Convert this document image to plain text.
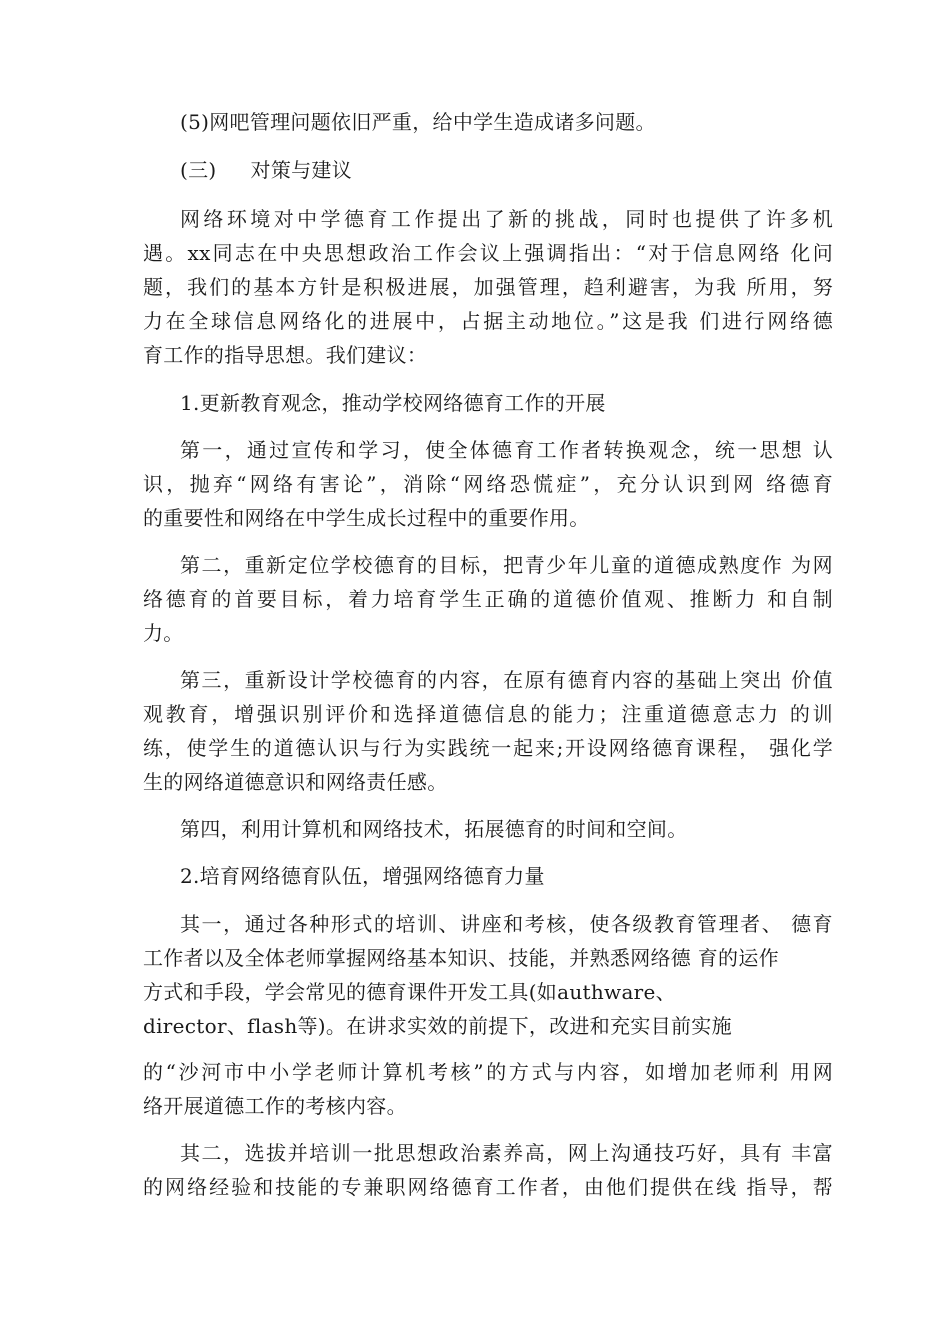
(5)网吧管理问题依旧严重，给中学生造成诸多问题。
(三) 对策与建议
网络环境对中学德育工作提出了新的挑战，同时也提供了许多机
遇。xx同志在中央思想政治工作会议上强调指出：“对于信息网络 化问
题，我们的基本方针是积极进展，加强管理，趋利避害，为我 所用，努
力在全球信息网络化的进展中，占据主动地位。”这是我 们进行网络德
育工作的指导思想。我们建议：
1.更新教育观念，推动学校网络德育工作的开展
第一，通过宣传和学习，使全体德育工作者转换观念，统一思想 认
识，抛弃“网络有害论”，消除“网络恐慌症”，充分认识到网 络德育
的重要性和网络在中学生成长过程中的重要作用。
第二，重新定位学校德育的目标，把青少年儿童的道德成熟度作 为网
络德育的首要目标，着力培育学生正确的道德价值观、推断力 和自制
力。
第三，重新设计学校德育的内容，在原有德育内容的基础上突出 价值
观教育，增强识别评价和选择道德信息的能力；注重道德意志力 的训
练，使学生的道德认识与行为实践统一起来;开设网络德育课程， 强化学
生的网络道德意识和网络责任感。
第四，利用计算机和网络技术，拓展德育的时间和空间。
2.培育网络德育队伍，增强网络德育力量
其一，通过各种形式的培训、讲座和考核，使各级教育管理者、 德育
工作者以及全体老师掌握网络基本知识、技能，并熟悉网络德 育的运作
方式和手段，学会常见的德育课件开发工具(如authware、
director、flash等)。在讲求实效的前提下，改进和充实目前实施
的“沙河市中小学老师计算机考核”的方式与内容，如增加老师利 用网
络开展道德工作的考核内容。
其二，选拔并培训一批思想政治素养高，网上沟通技巧好，具有 丰富
的网络经验和技能的专兼职网络德育工作者，由他们提供在线 指导，帮
